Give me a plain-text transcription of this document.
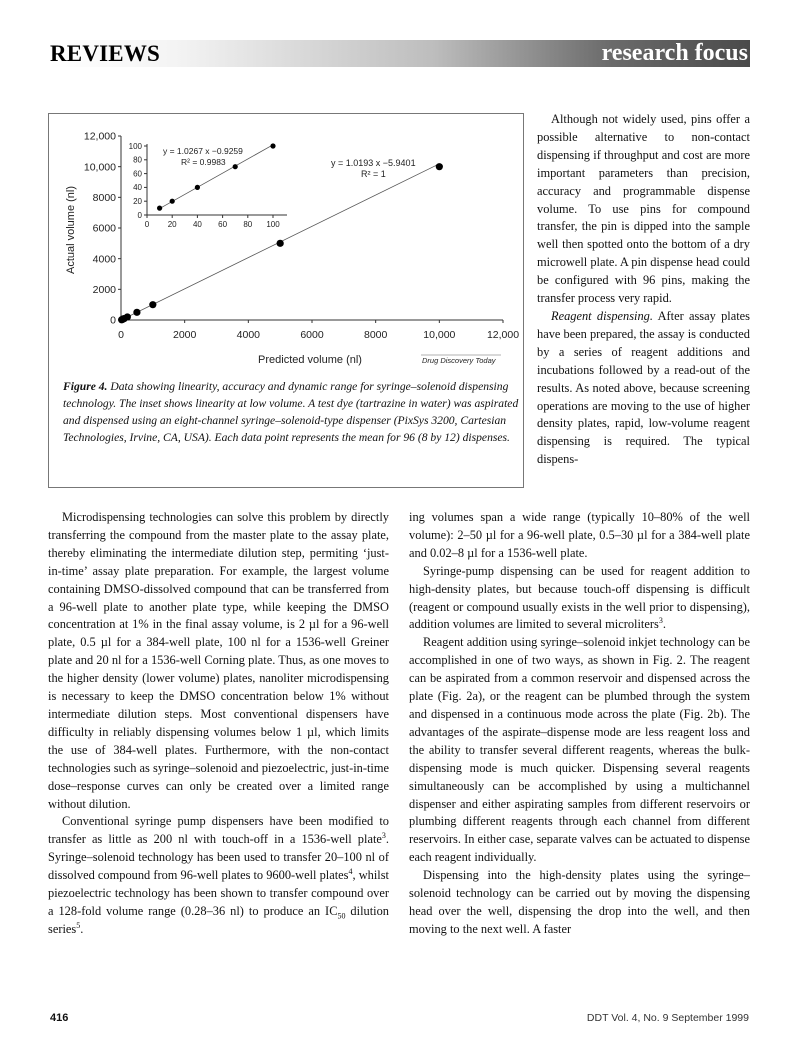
REVIEWS	research focus
0	2000	4000	6000	8000	10,000	12,000
0
2000
4000
6000
8000
10,000
12,000
y = 1.0193 x −5.9401
R² = 1
Actual volume (nl)
Predicted volume (nl)
0 20 40 60 80 100
0
20
40
60
80
100 y = 1.0267 x −0.9259
R² = 0.9983
Drug Discovery Today
Figure 4. Data showing linearity, accuracy and dynamic range for syringe–solenoid dispensing technology. The inset shows linearity at low volume. A test dye (tartrazine in water) was aspirated and dispensed using an eight-channel syringe–solenoid-type dispenser (PixSys 3200, Cartesian Technologies, Irvine, CA, USA). Each data point represents the mean for 96 (8 by 12) dispenses.

Although not widely used, pins offer a possible alternative to non-contact dispensing if throughput and cost are more important parameters than precision, accuracy and programmable dispense volume. To use pins for compound transfer, the pin is dipped into the sample well then spotted onto the bottom of a dry microwell plate. A pin dispense head could be configured with 96 pins, making the transfer process very rapid.

Reagent dispensing. After assay plates have been prepared, the assay is conducted by a series of reagent additions and incubations followed by a read-out of the results. As noted above, because screening operations are moving to the use of higher density plates, rapid, low-volume reagent dispensing is required. The typical dispens-

Microdispensing technologies can solve this problem by directly transferring the compound from the master plate to the assay plate, thereby eliminating the intermediate dilution step, permiting ‘just-in-time’ assay plate preparation. For example, the largest volume containing DMSO-dissolved compound that can be transferred from a 96-well plate to another plate type, while keeping the DMSO concentration at 1% in the final assay volume, is 2 µl for a 96-well plate, 0.5 µl for a 384-well plate, 100 nl for a 1536-well Greiner plate and 20 nl for a 1536-well Corning plate. Thus, as one moves to the higher density (lower volume) plates, nanoliter microdispensing is necessary to keep the DMSO concentration below 1% without intermediate dilution steps. Most conventional dispensers have difficulty in reliably dispensing volumes below 1 µl, which limits the use of 384-well plates. Furthermore, with the non-contact technologies such as syringe–solenoid and piezoelectric, just-in-time dose–response curves can only be created over a limited range without dilution.

Conventional syringe pump dispensers have been modified to transfer as little as 200 nl with touch-off in a 1536-well plate$^3$. Syringe–solenoid technology has been used to transfer 20–100 nl of dissolved compound from 96-well plates to 9600-well plates$^4$, whilst piezoelectric technology has been shown to transfer compound over a 128-fold volume range (0.28–36 nl) to produce an $IC_{50}$ dilution series$^5$.

ing volumes span a wide range (typically 10–80% of the well volume): 2–50 µl for a 96-well plate, 0.5–30 µl for a 384-well plate and 0.02–8 µl for a 1536-well plate.

Syringe-pump dispensing can be used for reagent addition to high-density plates, but because touch-off dispensing is difficult (reagent or compound usually exists in the well prior to dispensing), addition volumes are limited to several microliters$^3$.

Reagent addition using syringe–solenoid inkjet technology can be accomplished in one of two ways, as shown in Fig. 2. The reagent can be aspirated from a common reservoir and dispensed across the plate (Fig. 2a), or the reagent can be plumbed through the system and dispensed in a continuous mode across the plate (Fig. 2b). The advantages of the aspirate–dispense mode are less reagent loss and the ability to transfer several different reagents, whereas the bulk-dispensing mode is much quicker. Dispensing several reagents simultaneously can be accomplished by using a multichannel dispenser and either aspirating samples from different reservoirs or plumbing different reagents through each channel from different reservoirs. In either case, separate valves can be actuated to dispense each reagent individually.

Dispensing into the high-density plates using the syringe–solenoid technology can be carried out by moving the dispensing head over the well, dispensing the drop into the well, and then moving to the next well. A faster

416	DDT Vol. 4, No. 9 September 1999
